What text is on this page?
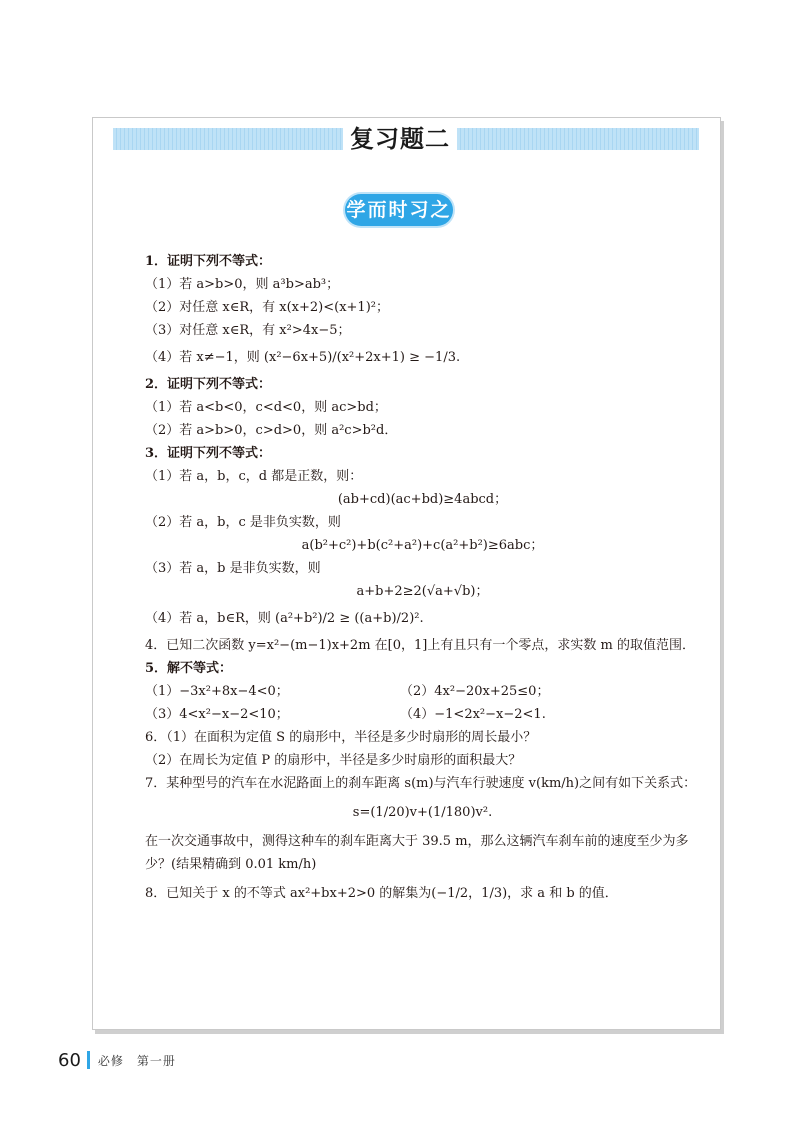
复习题二
学而时习之

1．证明下列不等式：

（1）若 a>b>0，则 a³b>ab³；

（2）对任意 x∈R，有 x(x+2)<(x+1)²；

（3）对任意 x∈R，有 x²>4x−5；

（4）若 x≠−1，则 (x²−6x+5)/(x²+2x+1) ≥ −1/3.

2．证明下列不等式：

（1）若 a<b<0，c<d<0，则 ac>bd；

（2）若 a>b>0，c>d>0，则 a²c>b²d．

3．证明下列不等式：

（1）若 a，b，c，d 都是正数，则：

(ab+cd)(ac+bd)≥4abcd；

（2）若 a，b，c 是非负实数，则

a(b²+c²)+b(c²+a²)+c(a²+b²)≥6abc；

（3）若 a，b 是非负实数，则

a+b+2≥2(√a+√b)；

（4）若 a，b∈R，则 (a²+b²)/2 ≥ ((a+b)/2)².

4．已知二次函数 y=x²−(m−1)x+2m 在[0，1]上有且只有一个零点，求实数 m 的取值范围．

5．解不等式：

（1）−3x²+8x−4<0；	（2）4x²−20x+25≤0；
（3）4<x²−x−2<10；	（4）−1<2x²−x−2<1.

6．（1）在面积为定值 S 的扇形中，半径是多少时扇形的周长最小？

（2）在周长为定值 P 的扇形中，半径是多少时扇形的面积最大？

7．某种型号的汽车在水泥路面上的刹车距离 s(m)与汽车行驶速度 v(km/h)之间有如下关系式：

s=(1/20)v+(1/180)v².

在一次交通事故中，测得这种车的刹车距离大于 39.5 m，那么这辆汽车刹车前的速度至少为多少？(结果精确到 0.01 km/h)

8．已知关于 x 的不等式 ax²+bx+2>0 的解集为(−1/2，1/3)，求 a 和 b 的值．

60 必修　第一册
